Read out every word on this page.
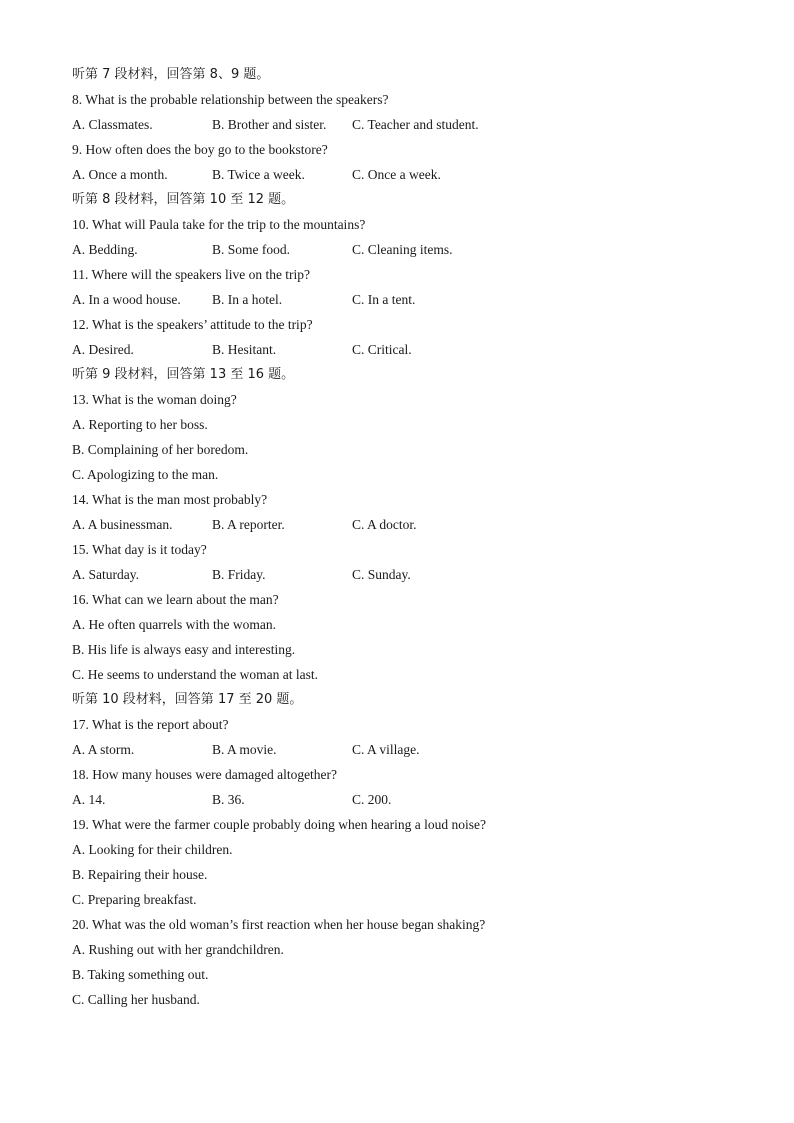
听第 7 段材料，回答第 8、9 题。
8. What is the probable relationship between the speakers?
A. Classmates.	B. Brother and sister.	C. Teacher and student.
9. How often does the boy go to the bookstore?
A. Once a month.	B. Twice a week.	C. Once a week.
听第 8 段材料，回答第 10 至 12 题。
10. What will Paula take for the trip to the mountains?
A. Bedding.	B. Some food.	C. Cleaning items.
11. Where will the speakers live on the trip?
A. In a wood house.	B. In a hotel.	C. In a tent.
12. What is the speakers’ attitude to the trip?
A. Desired.	B. Hesitant.	C. Critical.
听第 9 段材料，回答第 13 至 16 题。
13. What is the woman doing?
A. Reporting to her boss.
B. Complaining of her boredom.
C. Apologizing to the man.
14. What is the man most probably?
A. A businessman.	B. A reporter.	C. A doctor.
15. What day is it today?
A. Saturday.	B. Friday.	C. Sunday.
16. What can we learn about the man?
A. He often quarrels with the woman.
B. His life is always easy and interesting.
C. He seems to understand the woman at last.
听第 10 段材料，回答第 17 至 20 题。
17. What is the report about?
A. A storm.	B. A movie.	C. A village.
18. How many houses were damaged altogether?
A. 14.	B. 36.	C. 200.
19. What were the farmer couple probably doing when hearing a loud noise?
A. Looking for their children.
B. Repairing their house.
C. Preparing breakfast.
20. What was the old woman’s first reaction when her house began shaking?
A. Rushing out with her grandchildren.
B. Taking something out.
C. Calling her husband.
